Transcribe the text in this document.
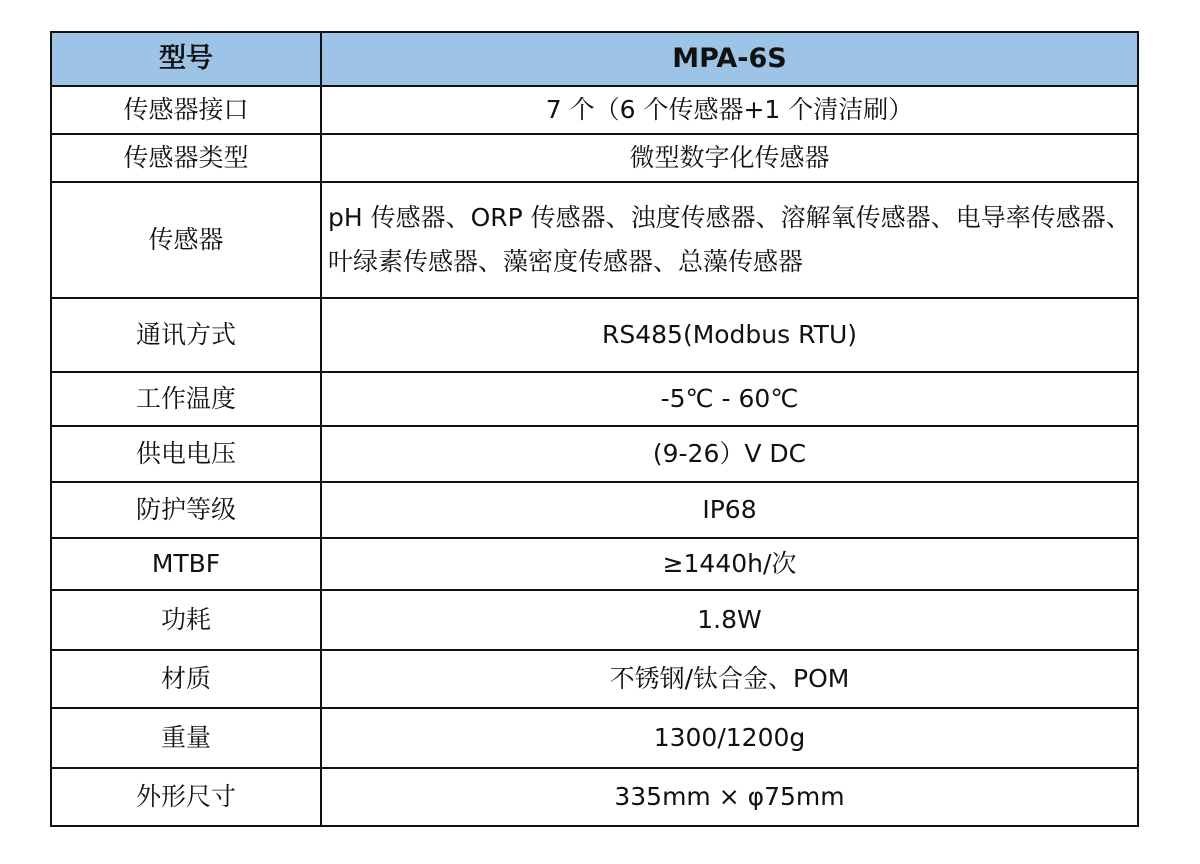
型号	MPA-6S
传感器接口	7 个（6 个传感器+1 个清洁刷）
传感器类型	微型数字化传感器
传感器	pH 传感器、ORP 传感器、浊度传感器、溶解氧传感器、电导率传感器、叶绿素传感器、藻密度传感器、总藻传感器
通讯方式	RS485(Modbus RTU)
工作温度	-5℃ - 60℃
供电电压	(9-26）V DC
防护等级	IP68
MTBF	≥1440h/次
功耗	1.8W
材质	不锈钢/钛合金、POM
重量	1300/1200g
外形尺寸	335mm × φ75mm
